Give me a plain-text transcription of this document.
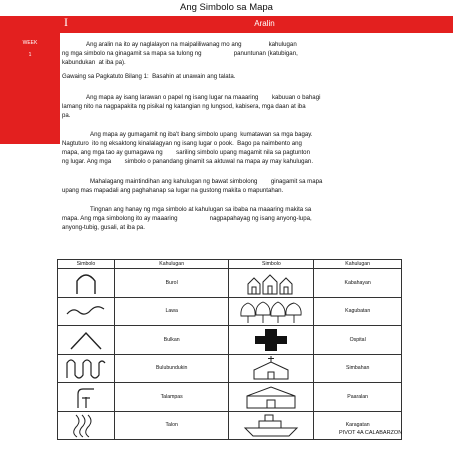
Ang Simbolo sa Mapa
WEEK
1
I	Aralin
Ang aralin na ito ay naglalayon na maipaliliwanag mo ang                kahulugan
ng mga simbolo na ginagamit sa mapa sa tulong ng                   panuntunan (katubigan,
kabundukan  at iba pa).
Gawaing sa Pagkatuto Bilang 1:  Basahin at unawain ang talata.
Ang mapa ay isang larawan o papel ng isang lugar na maaaring        kabuuan o bahagi
lamang nito na nagpapakita ng pisikal ng katangian ng lungsod, kabisera, mga daan at iba
pa.
Ang mapa ay gumagamit ng iba't ibang simbolo upang  kumatawan sa mga bagay.
Nagtuturo  ito ng eksaktong kinalalagyan ng isang lugar o pook.  Bago pa naimbento ang
mapa, ang mga tao ay gumagawa ng        sariling simbolo upang magamit nila sa pagtunton
ng lugar. Ang mga        simbolo o panandang ginamit sa aktuwal na mapa ay may kahulugan.
Mahalagang maintindihan ang kahulugan ng bawat simbolong        ginagamit sa mapa
upang mas mapadali ang paghahanap sa lugar na gustong makita o mapuntahan.
Tingnan ang hanay ng mga simbolo at kahulugan sa ibaba na maaaring makita sa
mapa. Ang mga simbolong ito ay maaaring                   nagpapahayag ng isang anyong-lupa,
anyong-tubig, gusali, at iba pa.
Simbolo	Kahulugan	Simbolo	Kahulugan

	Burol		Kabahayan

	Lawa		Kagubatan

	Bulkan		Ospital

	Bulubundukin		Simbahan

	Talampas		Paaralan

	Talon		Karagatan
PIVOT 4A CALABARZON
